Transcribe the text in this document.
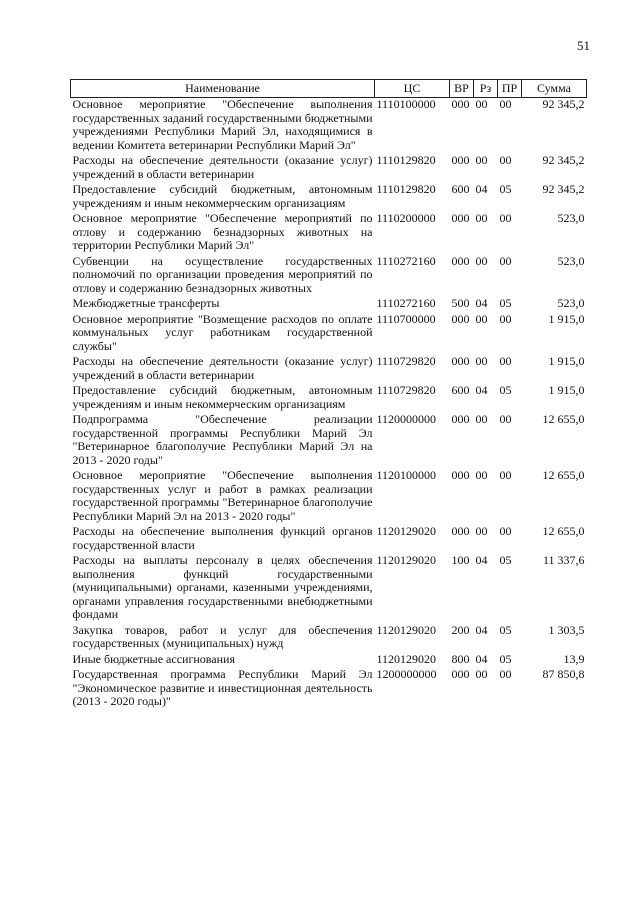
51
Наименование	ЦС	ВР	Рз	ПР	Сумма
Основное мероприятие "Обеспечение выполнения государственных заданий государственными бюджетными учреждениями Республики Марий Эл, находящимися в ведении Комитета ветеринарии Республики Марий Эл"	1110100000	000	00	00	92 345,2
Расходы на обеспечение деятельности (оказание услуг) учреждений в области ветеринарии	1110129820	000	00	00	92 345,2
Предоставление субсидий бюджетным, автономным учреждениям и иным некоммерческим организациям	1110129820	600	04	05	92 345,2
Основное мероприятие "Обеспечение мероприятий по отлову и содержанию безнадзорных животных на территории Республики Марий Эл"	1110200000	000	00	00	523,0
Субвенции на осуществление государственных полномочий по организации проведения мероприятий по отлову и содержанию безнадзорных животных	1110272160	000	00	00	523,0
Межбюджетные трансферты	1110272160	500	04	05	523,0
Основное мероприятие "Возмещение расходов по оплате коммунальных услуг работникам государственной службы"	1110700000	000	00	00	1 915,0
Расходы на обеспечение деятельности (оказание услуг) учреждений в области ветеринарии	1110729820	000	00	00	1 915,0
Предоставление субсидий бюджетным, автономным учреждениям и иным некоммерческим организациям	1110729820	600	04	05	1 915,0
Подпрограмма "Обеспечение реализации государственной программы Республики Марий Эл "Ветеринарное благополучие Республики Марий Эл на 2013 - 2020 годы"	1120000000	000	00	00	12 655,0
Основное мероприятие "Обеспечение выполнения государственных услуг и работ в рамках реализации государственной программы "Ветеринарное благополучие Республики Марий Эл на 2013 - 2020 годы"	1120100000	000	00	00	12 655,0
Расходы на обеспечение выполнения функций органов государственной власти	1120129020	000	00	00	12 655,0
Расходы на выплаты персоналу в целях обеспечения выполнения функций государственными (муниципальными) органами, казенными учреждениями, органами управления государственными внебюджетными фондами	1120129020	100	04	05	11 337,6
Закупка товаров, работ и услуг для обеспечения государственных (муниципальных) нужд	1120129020	200	04	05	1 303,5
Иные бюджетные ассигнования	1120129020	800	04	05	13,9
Государственная программа Республики Марий Эл "Экономическое развитие и инвестиционная деятельность (2013 - 2020 годы)"	1200000000	000	00	00	87 850,8
